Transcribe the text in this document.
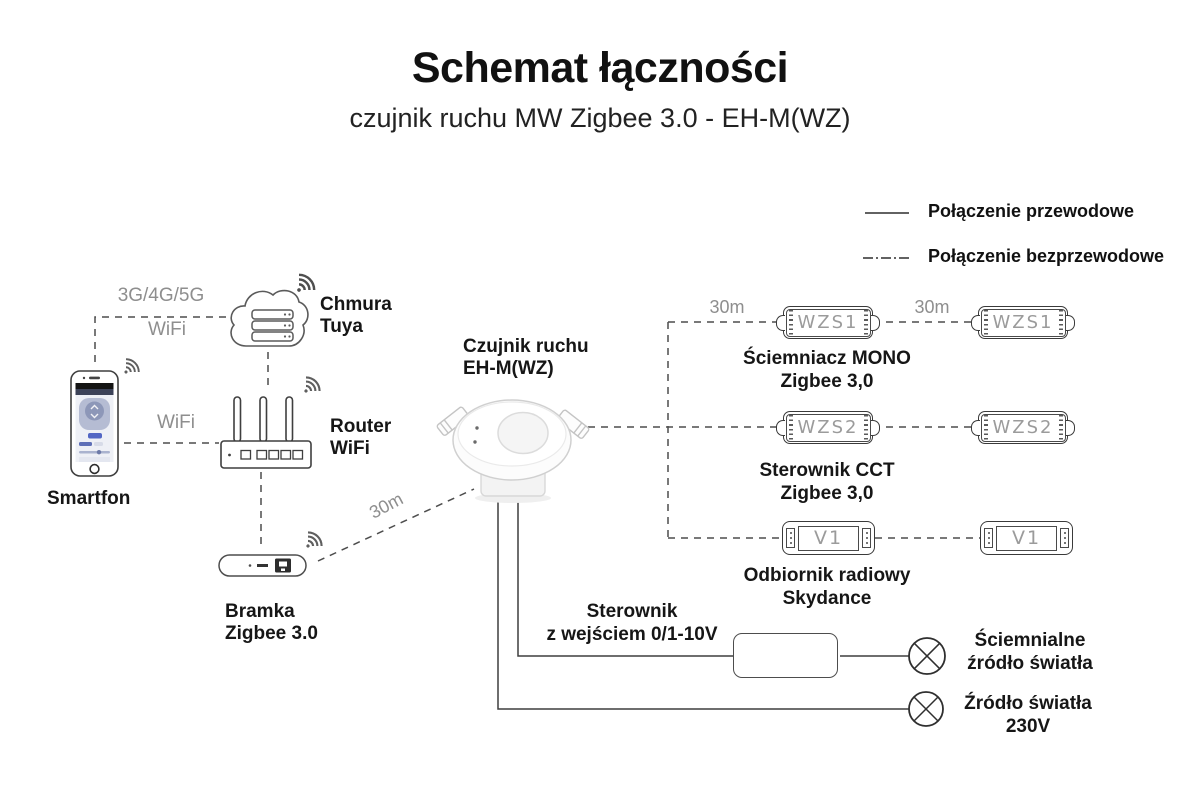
Schemat łączności
czujnik ruchu MW Zigbee 3.0 - EH-M(WZ)
Połączenie przewodowe
Połączenie bezprzewodowe
3G/4G/5G
WiFi
WiFi
30m
30m	30m
Smartfon
Chmura
Tuya
Router
WiFi
Bramka
Zigbee 3.0
Czujnik ruchu
EH-M(WZ)
WZS1	WZS1
Ściemniacz MONO
Zigbee 3,0
WZS2	WZS2
Sterownik CCT
Zigbee 3,0
V1	V1
Odbiornik radiowy
Skydance
Sterownik
z wejściem 0/1-10V	Ściemnialne
źródło światła
Źródło światła
230V
